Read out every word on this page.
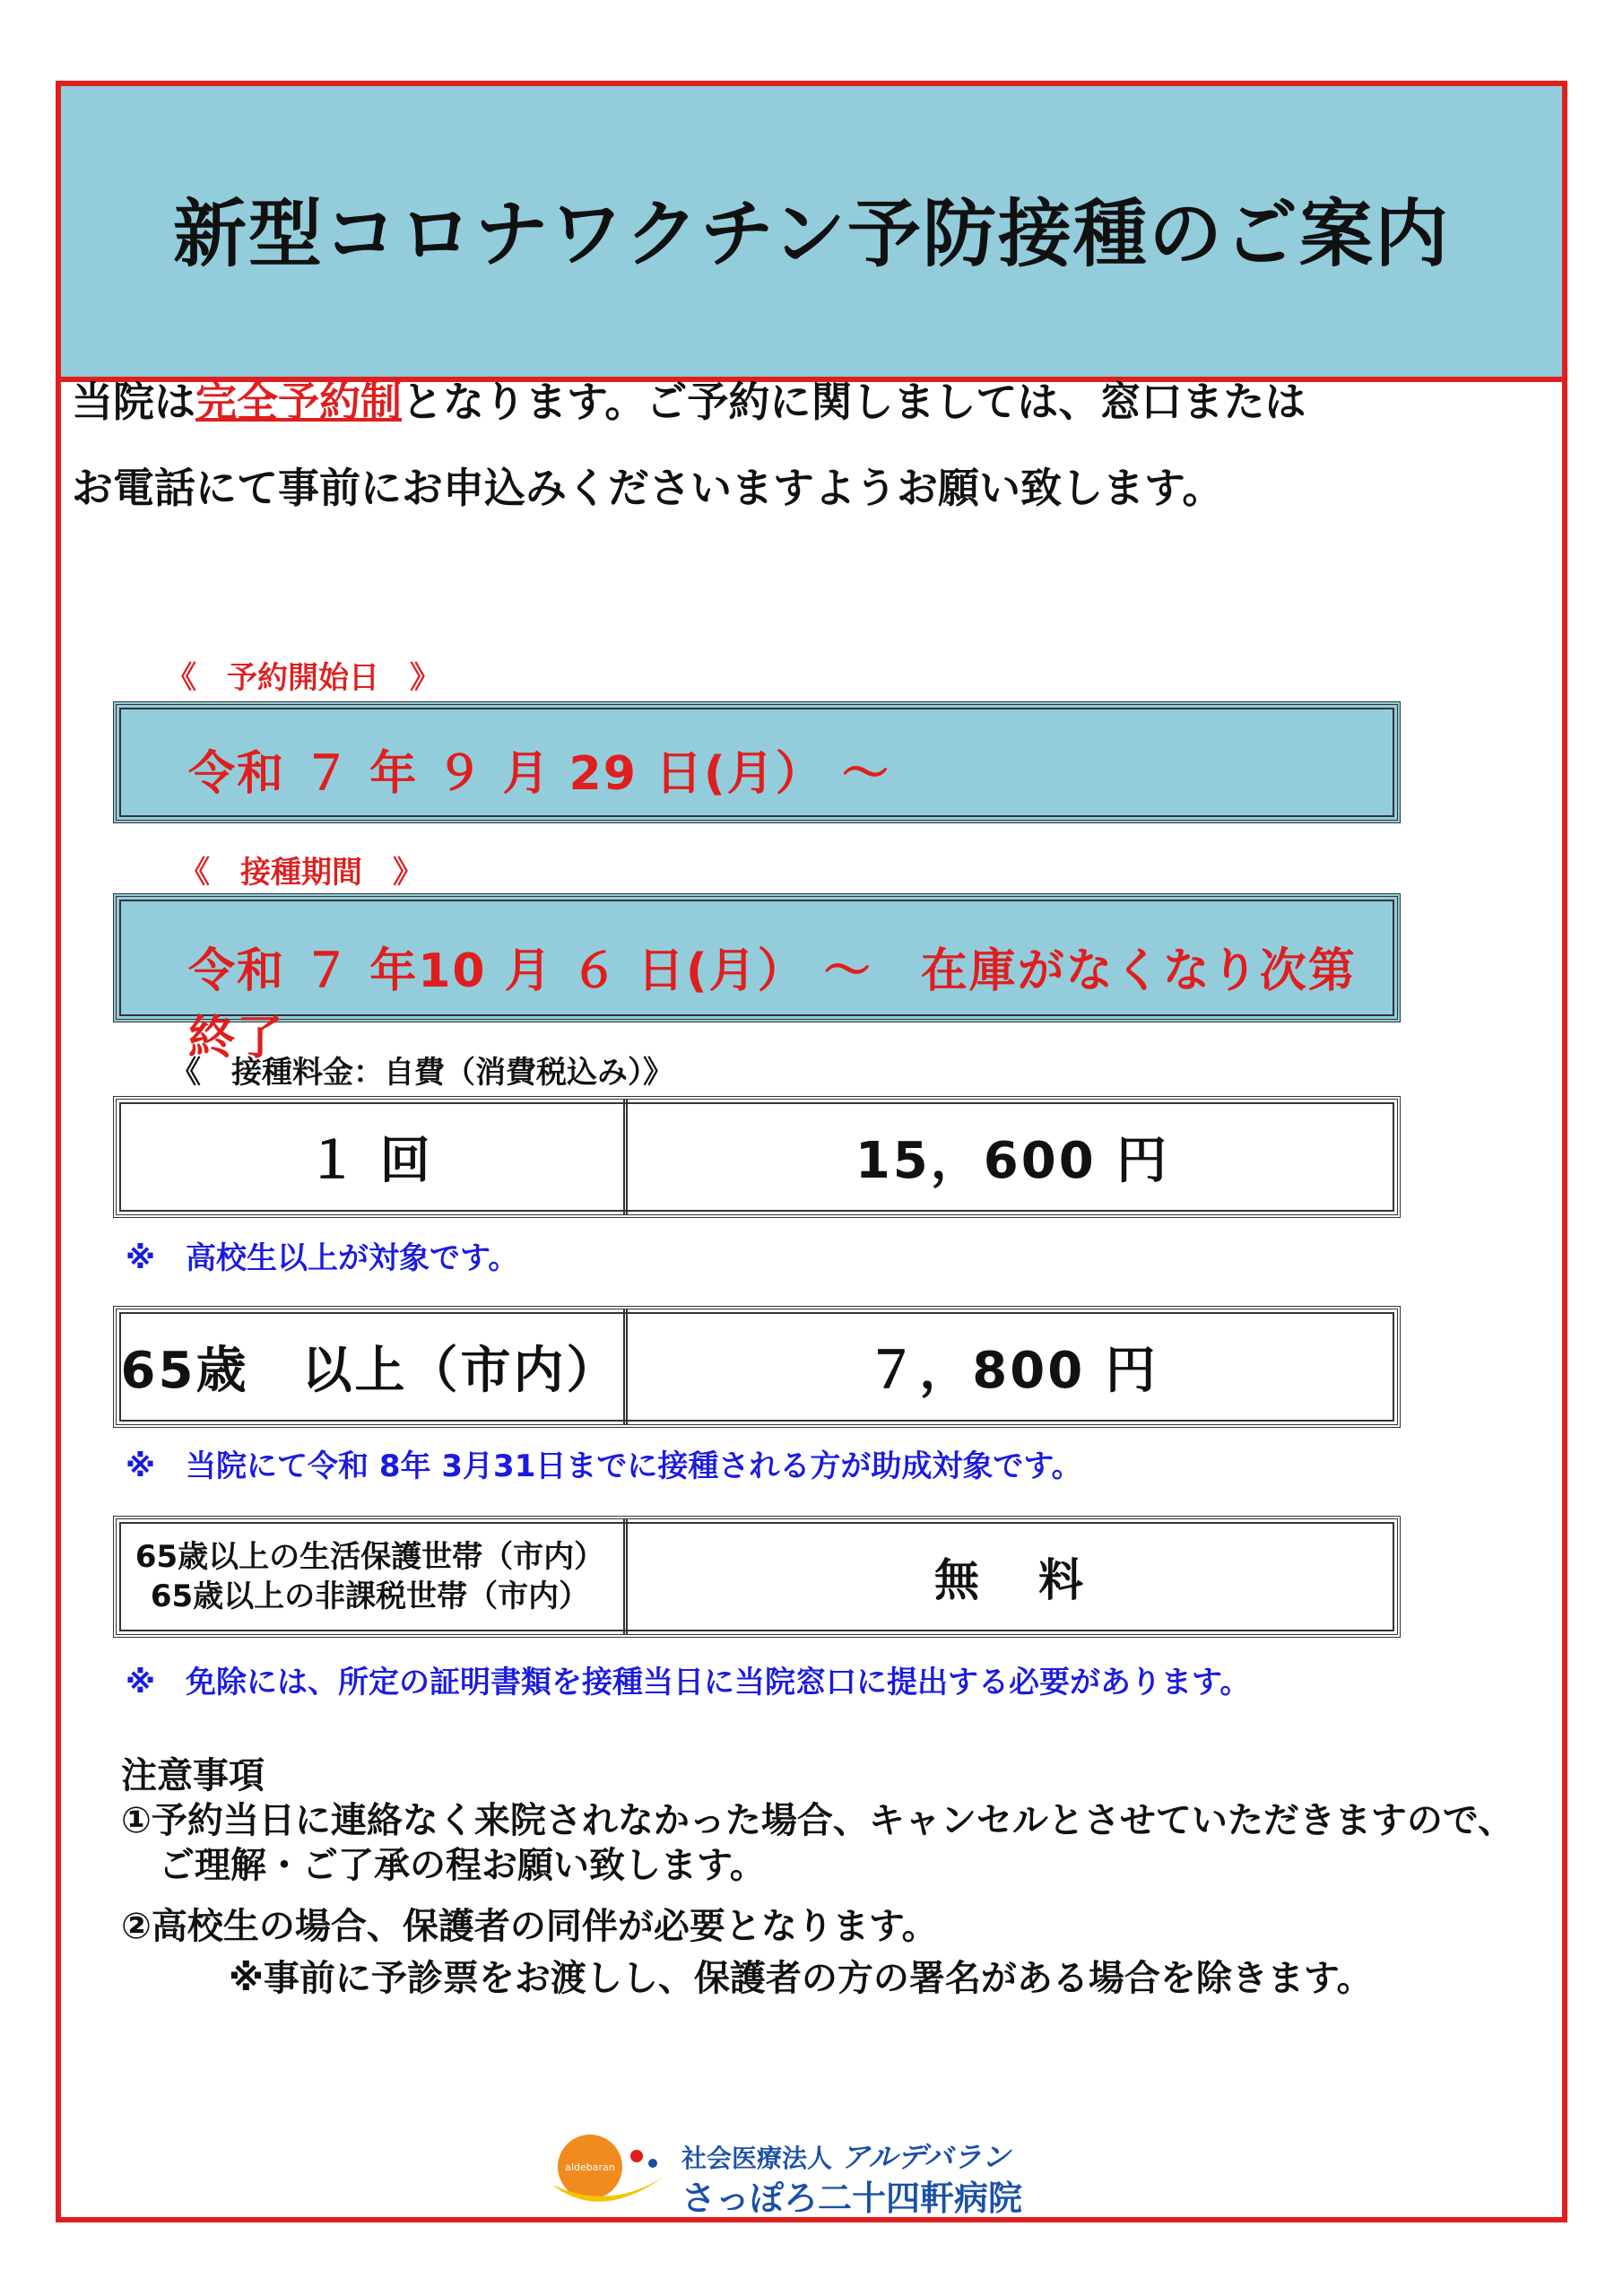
新型コロナワクチン予防接種のご案内
当院は完全予約制となります。ご予約に関しましては、窓口または
お電話にて事前にお申込みくださいますようお願い致します。
《　予約開始日　》
令和 ７ 年 ９ 月 29 日(月） ～
《　接種期間　》
令和 ７ 年10 月 ６ 日(月） ～　在庫がなくなり次第終了
《　接種料金：自費（消費税込み）》
１ 回	15，600 円
※　高校生以上が対象です。
65歳　以上（市内）	７，800 円
※　当院にて令和 8年 3月31日までに接種される方が助成対象です。
65歳以上の生活保護世帯（市内）
65歳以上の非課税世帯（市内）	無　料
※　免除には、所定の証明書類を接種当日に当院窓口に提出する必要があります。

注意事項

①予約当日に連絡なく来院されなかった場合、キャンセルとさせていただきますので、

ご理解・ご了承の程お願い致します。

②高校生の場合、保護者の同伴が必要となります。

※事前に予診票をお渡しし、保護者の方の署名がある場合を除きます。

aldebaran	社会医療法人 アルデバラン
さっぽろ二十四軒病院
